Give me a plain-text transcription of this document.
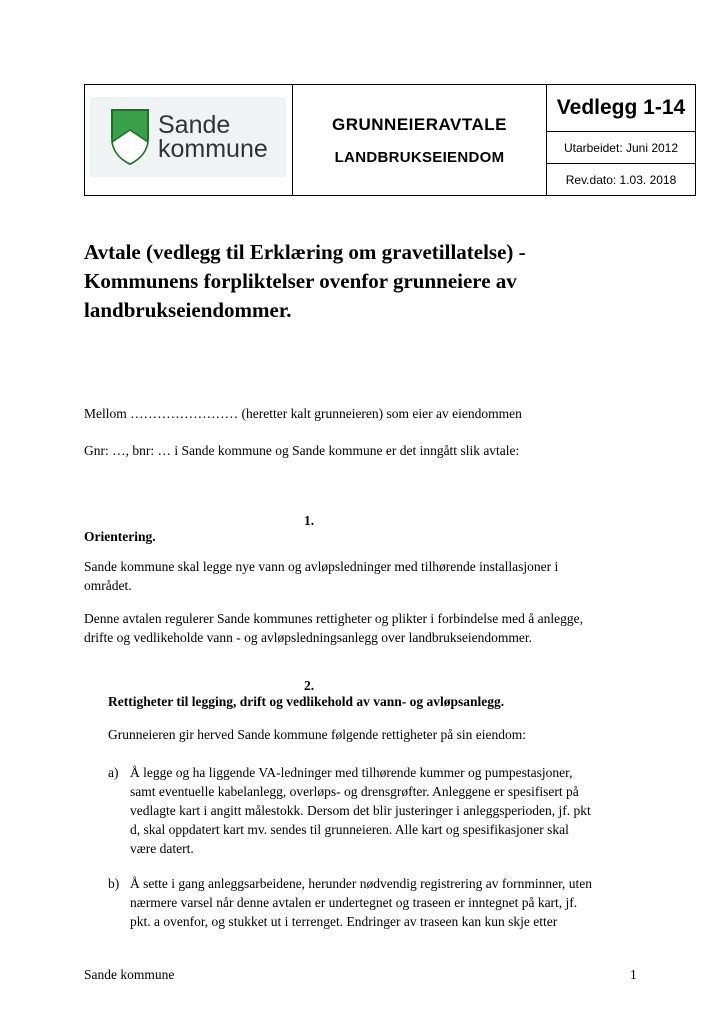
Sande
kommune
GRUNNEIERAVTALE
LANDBRUKSEIENDOM
Vedlegg 1-14
Utarbeidet: Juni 2012
Rev.dato: 1.03. 2018
Avtale (vedlegg til Erklæring om gravetillatelse) - Kommunens forpliktelser ovenfor grunneiere av landbrukseiendommer.
Mellom …………………… (heretter kalt grunneieren) som eier av eiendommen
Gnr: …, bnr: … i Sande kommune og Sande kommune er det inngått slik avtale:
1.
Orientering.
Sande kommune skal legge nye vann og avløpsledninger med tilhørende installasjoner i
området.
Denne avtalen regulerer Sande kommunes rettigheter og plikter i forbindelse med å anlegge,
drifte og vedlikeholde vann - og avløpsledningsanlegg over landbrukseiendommer.
2.
Rettigheter til legging, drift og vedlikehold av vann- og avløpsanlegg.
Grunneieren gir herved Sande kommune følgende rettigheter på sin eiendom:
a) Å legge og ha liggende VA-ledninger med tilhørende kummer og pumpestasjoner,
samt eventuelle kabelanlegg, overløps- og drensgrøfter. Anleggene er spesifisert på
vedlagte kart i angitt målestokk. Dersom det blir justeringer i anleggsperioden, jf. pkt
d, skal oppdatert kart mv. sendes til grunneieren. Alle kart og spesifikasjoner skal
være datert.
b) Å sette i gang anleggsarbeidene, herunder nødvendig registrering av fornminner, uten
nærmere varsel når denne avtalen er undertegnet og traseen er inntegnet på kart, jf.
pkt. a ovenfor, og stukket ut i terrenget. Endringer av traseen kan kun skje etter
Sande kommune	1
